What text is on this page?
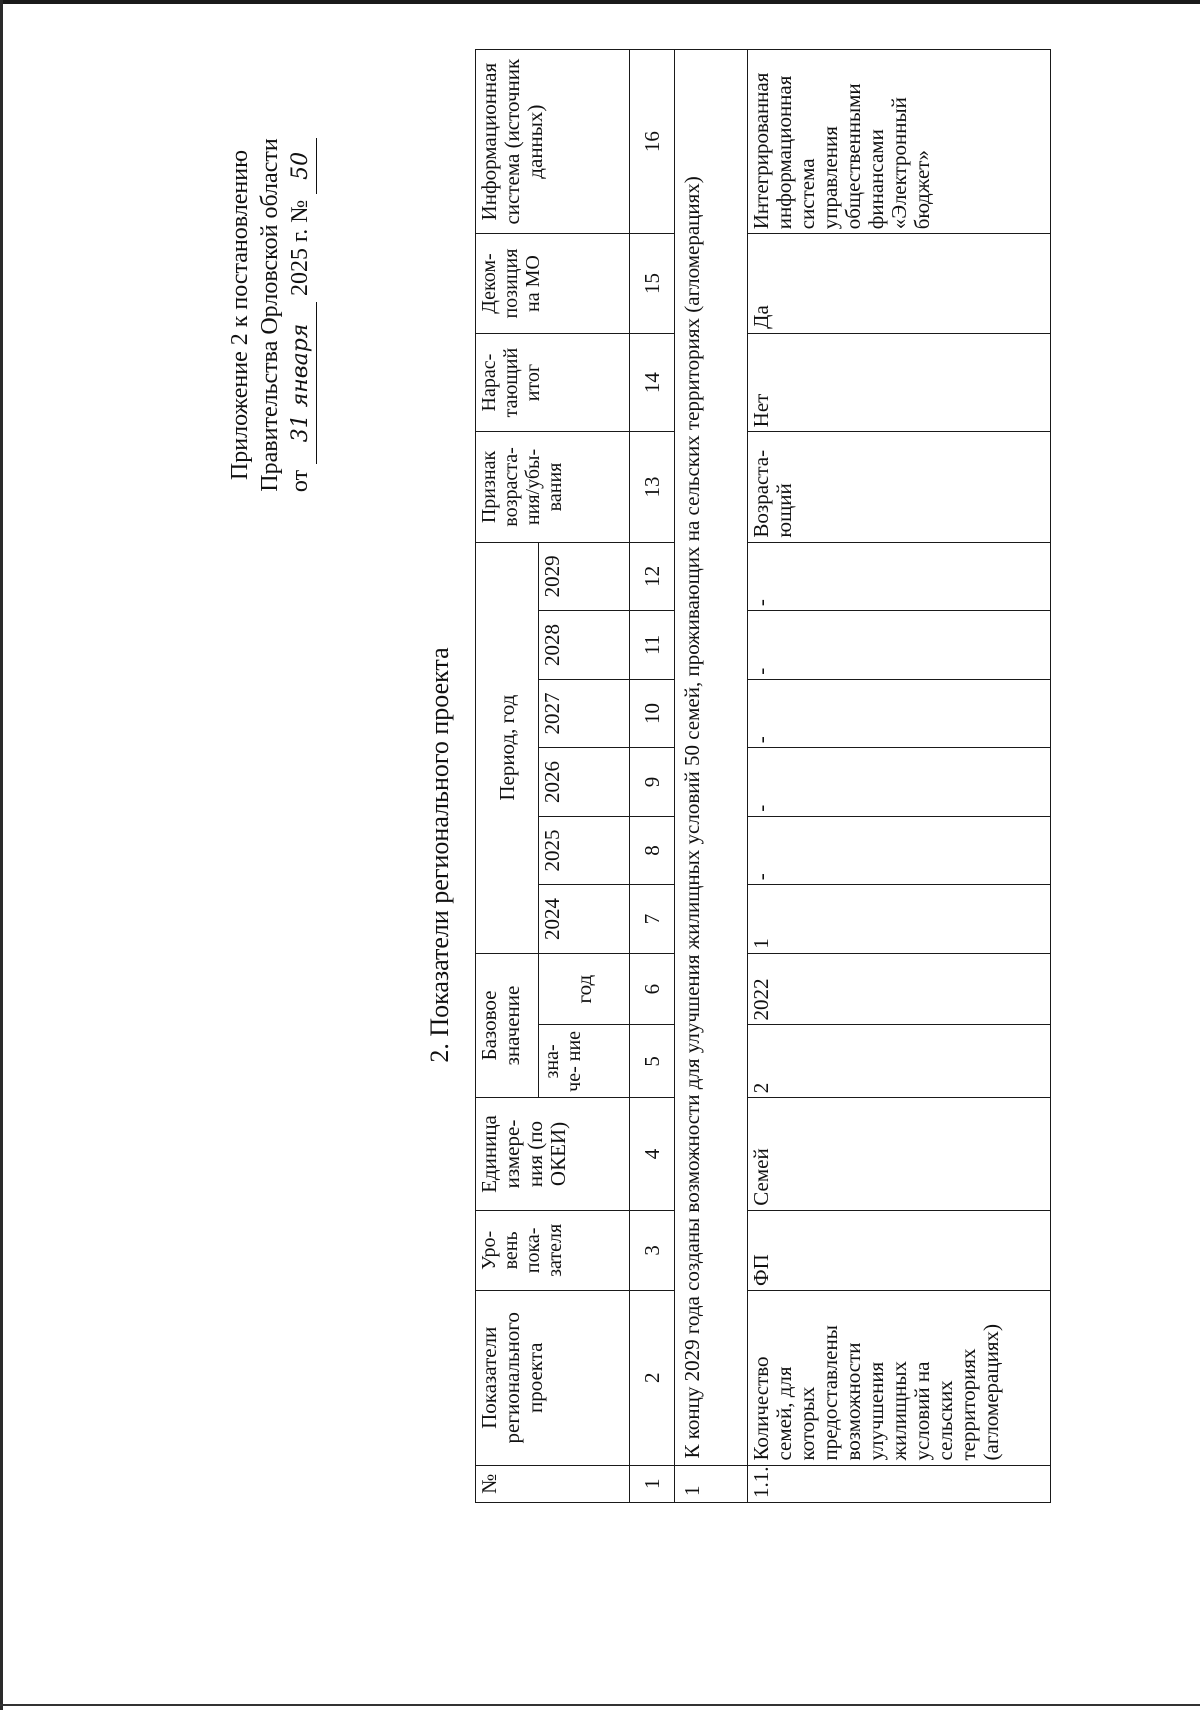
Приложение 2 к постановлению Правительства Орловской области от 31 января 2025 г. № 50
2. Показатели регионального проекта
№	Показатели регионального проекта	Уро- вень пока- зателя	Единица измере- ния (по ОКЕИ)	Базовое значение		Период, год						Признак возраста- ния/убы- вания	Нарас- тающий итог	Деком- позиция на МО	Информационная система (источник данных)
				зна- че- ние	год	2024	2025	2026	2027	2028	2029				
1	2	3	4	5	6	7	8	9	10	11	12	13	14	15	16
1	К концу 2029 года созданы возможности для улучшения жилищных условий 50 семей, проживающих на сельских территориях (агломерациях)														
1.1.	Количество семей, для которых предоставлены возможности улучшения жилищных условий на сельских территориях (агломерациях)	ФП	Семей	2	2022	1	-	-	-	-	-	Возраста- ющий	Нет	Да	Интегрированная информационная система управления общественными финансами «Электронный бюджет»
